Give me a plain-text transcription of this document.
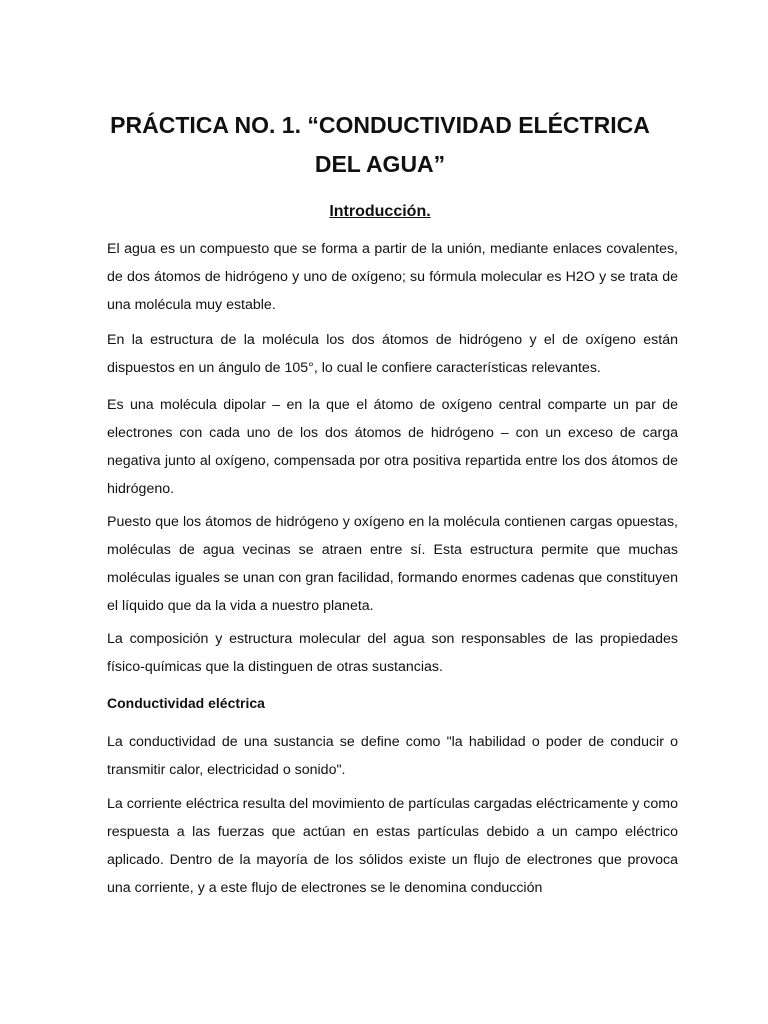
PRÁCTICA NO. 1. “CONDUCTIVIDAD ELÉCTRICA DEL AGUA”
Introducción.

El agua es un compuesto que se forma a partir de la unión, mediante enlaces covalentes, de dos átomos de hidrógeno y uno de oxígeno; su fórmula molecular es H2O y se trata de una molécula muy estable.

En la estructura de la molécula los dos átomos de hidrógeno y el de oxígeno están dispuestos en un ángulo de 105°, lo cual le confiere características relevantes.

Es una molécula dipolar – en la que el átomo de oxígeno central comparte un par de electrones con cada uno de los dos átomos de hidrógeno – con un exceso de carga negativa junto al oxígeno, compensada por otra positiva repartida entre los dos átomos de hidrógeno.

Puesto que los átomos de hidrógeno y oxígeno en la molécula contienen cargas opuestas, moléculas de agua vecinas se atraen entre sí. Esta estructura permite que muchas moléculas iguales se unan con gran facilidad, formando enormes cadenas que constituyen el líquido que da la vida a nuestro planeta.

La composición y estructura molecular del agua son responsables de las propiedades físico-químicas que la distinguen de otras sustancias.

Conductividad eléctrica

La conductividad de una sustancia se define como "la habilidad o poder de conducir o transmitir calor, electricidad o sonido".

La corriente eléctrica resulta del movimiento de partículas cargadas eléctricamente y como respuesta a las fuerzas que actúan en estas partículas debido a un campo eléctrico aplicado. Dentro de la mayoría de los sólidos existe un flujo de electrones que provoca una corriente, y a este flujo de electrones se le denomina conducción
